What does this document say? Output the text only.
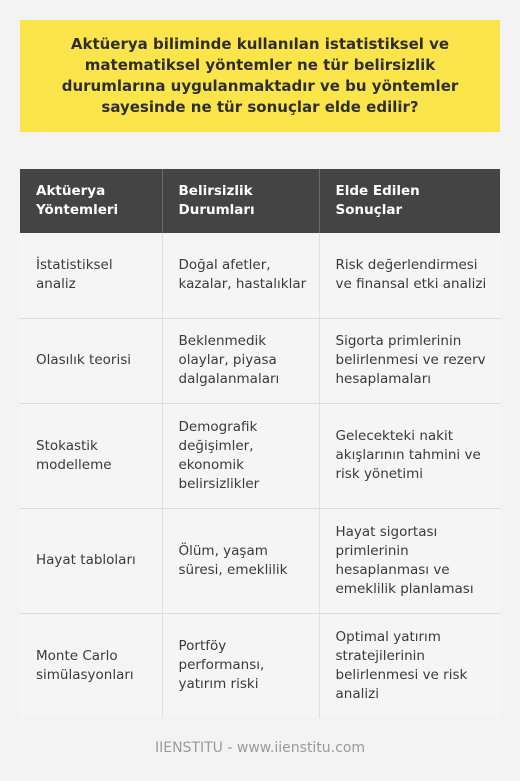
Aktüerya biliminde kullanılan istatistiksel ve matematiksel yöntemler ne tür belirsizlik durumlarına uygulanmaktadır ve bu yöntemler sayesinde ne tür sonuçlar elde edilir?
Aktüerya Yöntemleri	Belirsizlik Durumları	Elde Edilen Sonuçlar
İstatistiksel analiz	Doğal afetler, kazalar, hastalıklar	Risk değerlendirmesi ve finansal etki analizi
Olasılık teorisi	Beklenmedik olaylar, piyasa dalgalanmaları	Sigorta primlerinin belirlenmesi ve rezerv hesaplamaları
Stokastik modelleme	Demografik değişimler, ekonomik belirsizlikler	Gelecekteki nakit akışlarının tahmini ve risk yönetimi
Hayat tabloları	Ölüm, yaşam süresi, emeklilik	Hayat sigortası primlerinin hesaplanması ve emeklilik planlaması
Monte Carlo simülasyonları	Portföy performansı, yatırım riski	Optimal yatırım stratejilerinin belirlenmesi ve risk analizi
IIENSTITU - www.iienstitu.com
